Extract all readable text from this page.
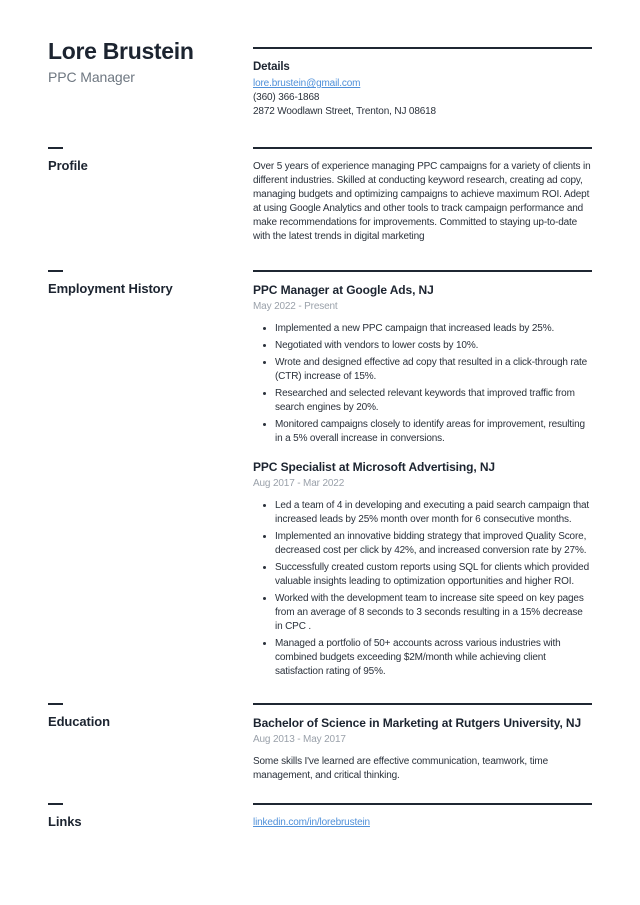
Lore Brustein
PPC Manager
Details
lore.brustein@gmail.com
(360) 366-1868
2872 Woodlawn Street, Trenton, NJ 08618
Profile	Over 5 years of experience managing PPC campaigns for a variety of clients in different industries. Skilled at conducting keyword research, creating ad copy, managing budgets and optimizing campaigns to achieve maximum ROI. Adept at using Google Analytics and other tools to track campaign performance and make recommendations for improvements. Committed to staying up-to-date with the latest trends in digital marketing
Employment History	PPC Manager at Google Ads, NJ
May 2022 - Present
• Implemented a new PPC campaign that increased leads by 25%.
• Negotiated with vendors to lower costs by 10%.
• Wrote and designed effective ad copy that resulted in a click-through rate (CTR) increase of 15%.
• Researched and selected relevant keywords that improved traffic from search engines by 20%.
• Monitored campaigns closely to identify areas for improvement, resulting in a 5% overall increase in conversions.
PPC Specialist at Microsoft Advertising, NJ
Aug 2017 - Mar 2022
• Led a team of 4 in developing and executing a paid search campaign that increased leads by 25% month over month for 6 consecutive months.
• Implemented an innovative bidding strategy that improved Quality Score, decreased cost per click by 42%, and increased conversion rate by 27%.
• Successfully created custom reports using SQL for clients which provided valuable insights leading to optimization opportunities and higher ROI.
• Worked with the development team to increase site speed on key pages from an average of 8 seconds to 3 seconds resulting in a 15% decrease in CPC .
• Managed a portfolio of 50+ accounts across various industries with combined budgets exceeding $2M/month while achieving client satisfaction rating of 95%.
Education	Bachelor of Science in Marketing at Rutgers University, NJ
Aug 2013 - May 2017
Some skills I've learned are effective communication, teamwork, time management, and critical thinking.
Links	linkedin.com/in/lorebrustein
